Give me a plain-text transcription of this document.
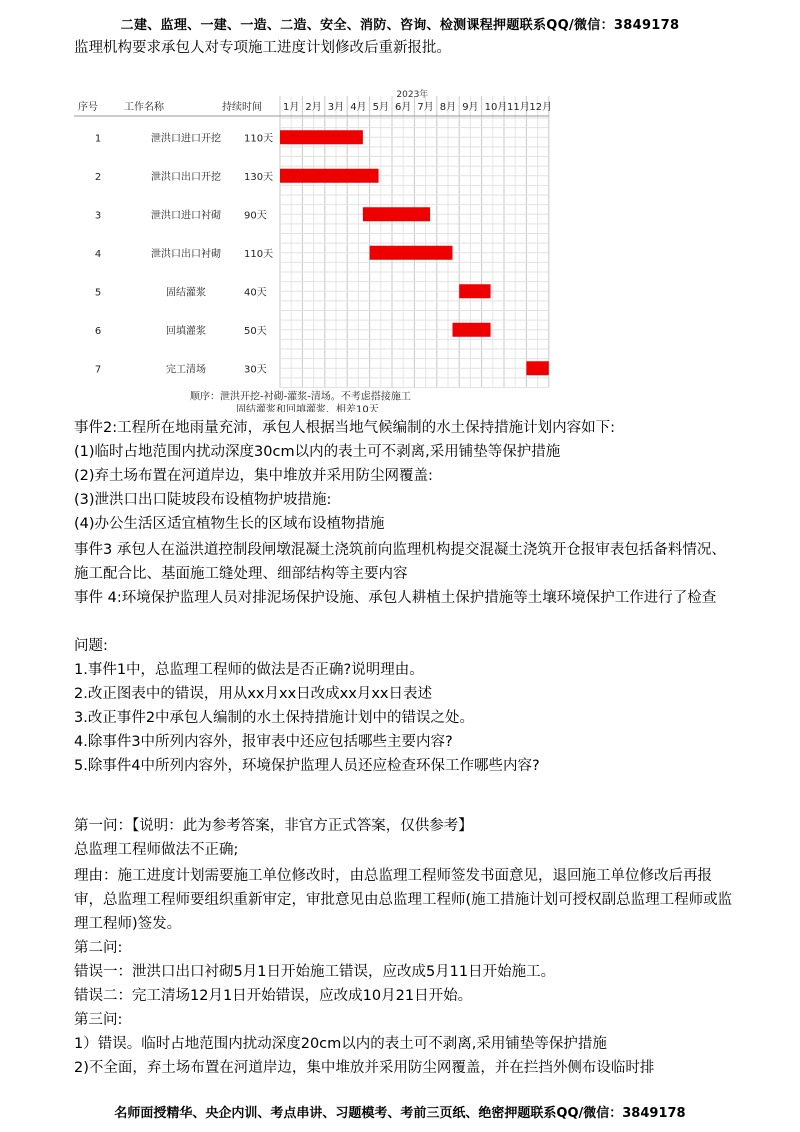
二建、监理、一建、一造、二造、安全、消防、咨询、检测课程押题联系QQ/微信：3849178
监理机构要求承包人对专项施工进度计划修改后重新报批。
2023年
序号	工作名称	持续时间 1月 2月 3月 4月 5月 6月 7月 8月 9月 10月 11月 12月
1	泄洪口进口开挖 110天
2	泄洪口出口开挖 130天
3	泄洪口进口衬砌 90天
4	泄洪口出口衬砌 110天
5	固结灌浆	40天
6	回填灌浆	50天
7	完工清场	30天
顺序：泄洪开挖-衬砌-灌浆-清场。不考虑搭接施工
固结灌浆和回填灌浆，相差10天
事件2:工程所在地雨量充沛，承包人根据当地气候编制的水土保持措施计划内容如下:
(1)临时占地范围内扰动深度30cm以内的表土可不剥离,采用铺垫等保护措施
(2)弃土场布置在河道岸边，集中堆放并采用防尘网覆盖:
(3)泄洪口出口陡坡段布设植物护坡措施:
(4)办公生活区适宜植物生长的区域布设植物措施
事件3 承包人在溢洪道控制段闸墩混凝土浇筑前向监理机构提交混凝土浇筑开仓报审表包括备料情况、施工配合比、基面施工缝处理、细部结构等主要内容
事件 4:环境保护监理人员对排泥场保护设施、承包人耕植土保护措施等土壤环境保护工作进行了检查
问题:
1.事件1中，总监理工程师的做法是否正确?说明理由。
2.改正图表中的错误，用从xx月xx日改成xx月xx日表述
3.改正事件2中承包人编制的水土保持措施计划中的错误之处。
4.除事件3中所列内容外，报审表中还应包括哪些主要内容?
5.除事件4中所列内容外，环境保护监理人员还应检查环保工作哪些内容?
第一问：【说明：此为参考答案，非官方正式答案，仅供参考】
总监理工程师做法不正确;
理由：施工进度计划需要施工单位修改时，由总监理工程师签发书面意见，退回施工单位修改后再报审，总监理工程师要组织重新审定，审批意见由总监理工程师(施工措施计划可授权副总监理工程师或监理工程师)签发。
第二问:
错误一：泄洪口出口衬砌5月1日开始施工错误，应改成5月11日开始施工。
错误二：完工清场12月1日开始错误，应改成10月21日开始。
第三问:
1）错误。临时占地范围内扰动深度20cm以内的表土可不剥离,采用铺垫等保护措施
2)不全面，弃土场布置在河道岸边，集中堆放并采用防尘网覆盖，并在拦挡外侧布设临时排
名师面授精华、央企内训、考点串讲、习题模考、考前三页纸、绝密押题联系QQ/微信：3849178
